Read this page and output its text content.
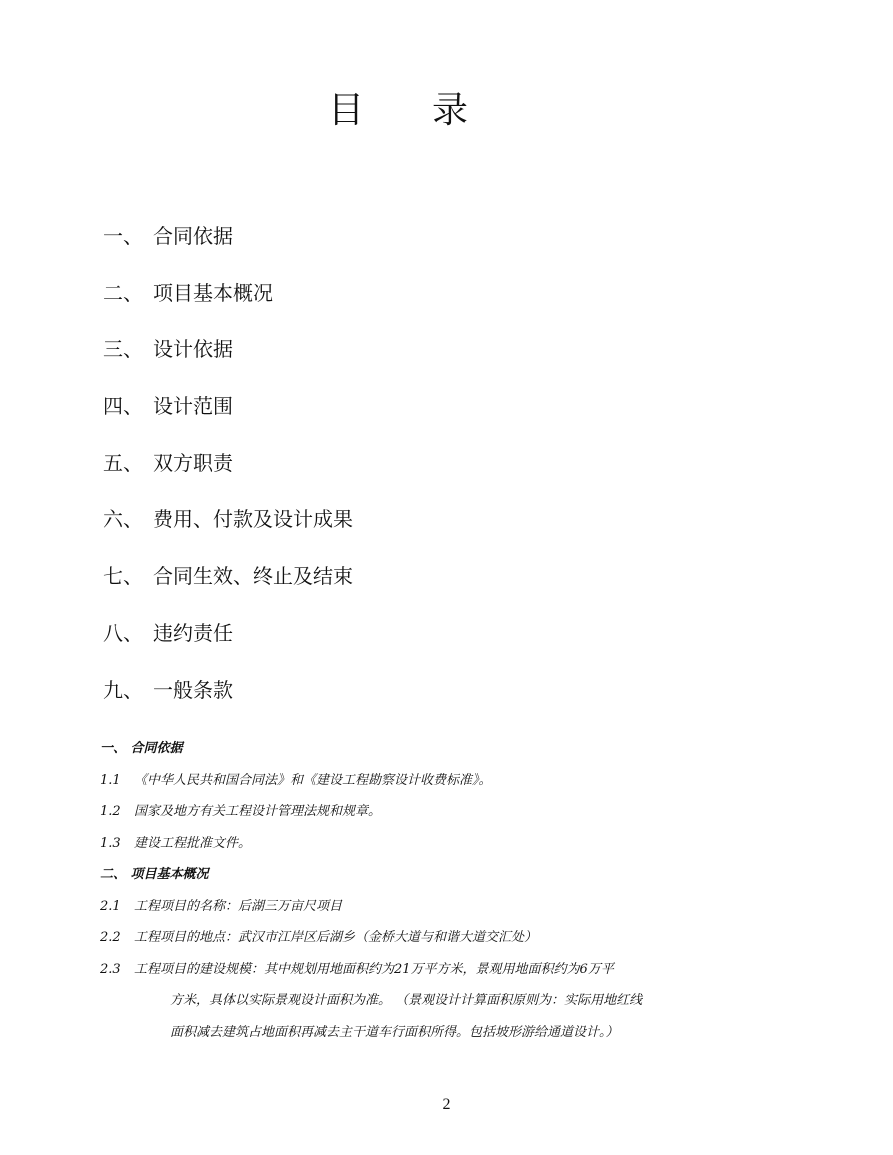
目 录
一、 合同依据
二、 项目基本概况
三、 设计依据
四、 设计范围
五、 双方职责
六、 费用、付款及设计成果
七、 合同生效、终止及结束
八、 违约责任
九、 一般条款
一、 合同依据
1.1 《中华人民共和国合同法》和《建设工程勘察设计收费标准》。
1.2 国家及地方有关工程设计管理法规和规章。
1.3 建设工程批准文件。
二、 项目基本概况
2.1 工程项目的名称：后湖三万亩尺项目
2.2 工程项目的地点：武汉市江岸区后湖乡（金桥大道与和谐大道交汇处）
2.3 工程项目的建设规模：其中规划用地面积约为21万平方米，景观用地面积约为6万平
方米，具体以实际景观设计面积为准。 （景观设计计算面积原则为：实际用地红线
面积减去建筑占地面积再减去主干道车行面积所得。包括坡形游给通道设计。）
2
